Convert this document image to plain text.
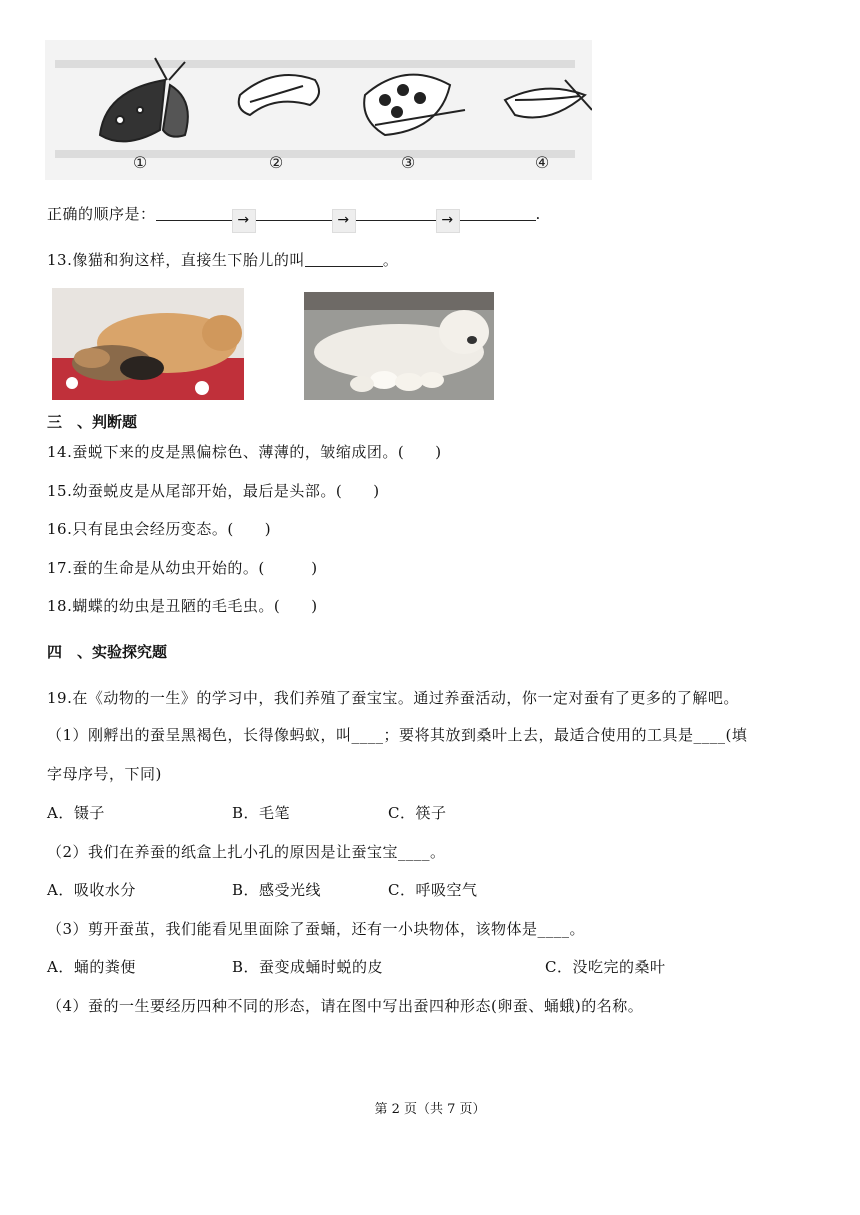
①	②	③	④
正确的顺序是：	→	→	→	.
13.像猫和狗这样，直接生下胎儿的叫	。
三　、判断题
14.蚕蜕下来的皮是黑偏棕色、薄薄的，皱缩成团。(　　)
15.幼蚕蜕皮是从尾部开始，最后是头部。(　　)
16.只有昆虫会经历变态。(　　)
17.蚕的生命是从幼虫开始的。(　　　)
18.蝴蝶的幼虫是丑陋的毛毛虫。(　　)
四　、实验探究题
19.在《动物的一生》的学习中，我们养殖了蚕宝宝。通过养蚕活动，你一定对蚕有了更多的了解吧。
（1）刚孵出的蚕呈黑褐色，长得像蚂蚁，叫____；要将其放到桑叶上去，最适合使用的工具是____(填
字母序号，下同)
A．镊子	B．毛笔	C．筷子
（2）我们在养蚕的纸盒上扎小孔的原因是让蚕宝宝____。
A．吸收水分	B．感受光线	C．呼吸空气
（3）剪开蚕茧，我们能看见里面除了蚕蛹，还有一小块物体，该物体是____。
A．蛹的粪便	B．蚕变成蛹时蜕的皮	C．没吃完的桑叶
（4）蚕的一生要经历四种不同的形态，请在图中写出蚕四种形态(卵蚕、蛹蛾)的名称。
第 2 页（共 7 页）
